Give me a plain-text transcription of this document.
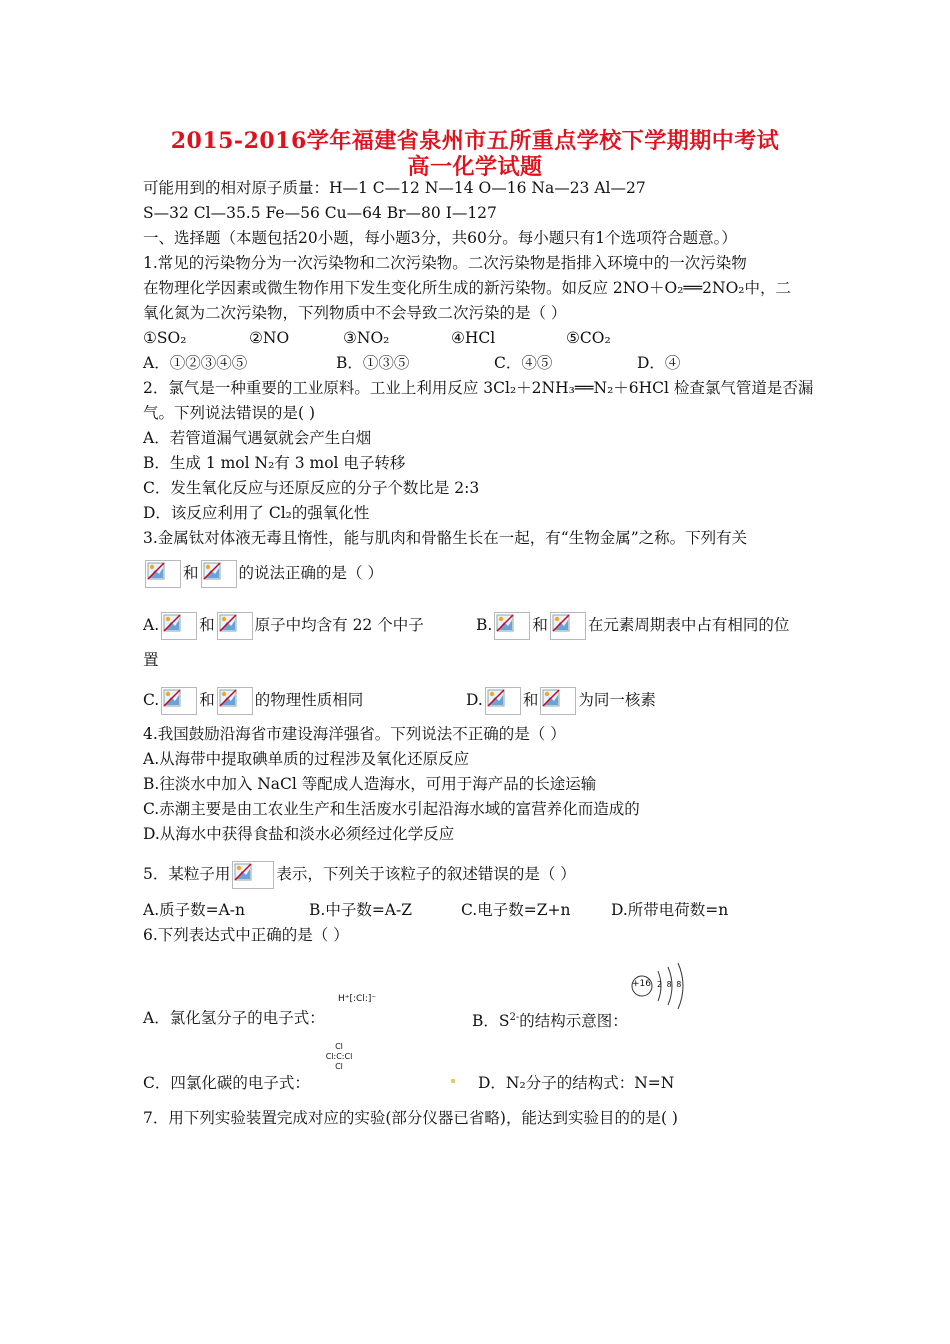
2015-2016学年福建省泉州市五所重点学校下学期期中考试
高一化学试题
可能用到的相对原子质量：H—1 C—12 N—14 O—16 Na—23 Al—27
S—32 Cl—35.5 Fe—56 Cu—64 Br—80 I—127
一、选择题（本题包括20小题，每小题3分，共60分。每小题只有1个选项符合题意。）
1.常见的污染物分为一次污染物和二次污染物。二次污染物是指排入环境中的一次污染物
在物理化学因素或微生物作用下发生变化所生成的新污染物。如反应 2NO＋O₂══2NO₂中，二
氧化氮为二次污染物，下列物质中不会导致二次污染的是（ ）
①SO₂	②NO	③NO₂	④HCl	⑤CO₂
A．①②③④⑤	B．①③⑤	C．④⑤	D．④
2．氯气是一种重要的工业原料。工业上利用反应 3Cl₂＋2NH₃══N₂＋6HCl 检查氯气管道是否漏
气。下列说法错误的是( )
A．若管道漏气遇氨就会产生白烟
B．生成 1 mol N₂有 3 mol 电子转移
C．发生氧化反应与还原反应的分子个数比是 2:3
D．该反应利用了 Cl₂的强氧化性
3.金属钛对体液无毒且惰性，能与肌肉和骨骼生长在一起，有“生物金属”之称。下列有关
和	的说法正确的是（ ）
A.	和	原子中均含有 22 个中子	B.	和	在元素周期表中占有相同的位
置
C.	和	的物理性质相同	D.	和	为同一核素
4.我国鼓励沿海省市建设海洋强省。下列说法不正确的是（ ）
A.从海带中提取碘单质的过程涉及氧化还原反应
B.往淡水中加入 NaCl 等配成人造海水，可用于海产品的长途运输
C.赤潮主要是由工农业生产和生活废水引起沿海水域的富营养化而造成的
D.从海水中获得食盐和淡水必须经过化学反应
5．某粒子用	表示，下列关于该粒子的叙述错误的是（ ）
A.质子数=A-n	B.中子数=A-Z	C.电子数=Z+n	D.所带电荷数=n
6.下列表达式中正确的是（ ）
A．氯化氢分子的电子式：
H⁺[:Cl:]⁻
B．$S^{2-}$的结构示意图：
+16 2 8 8
C．四氯化碳的电子式：
Cl
Cl:C:Cl
Cl
D．N₂分子的结构式：N=N
7．用下列实验装置完成对应的实验(部分仪器已省略)，能达到实验目的的是( )
